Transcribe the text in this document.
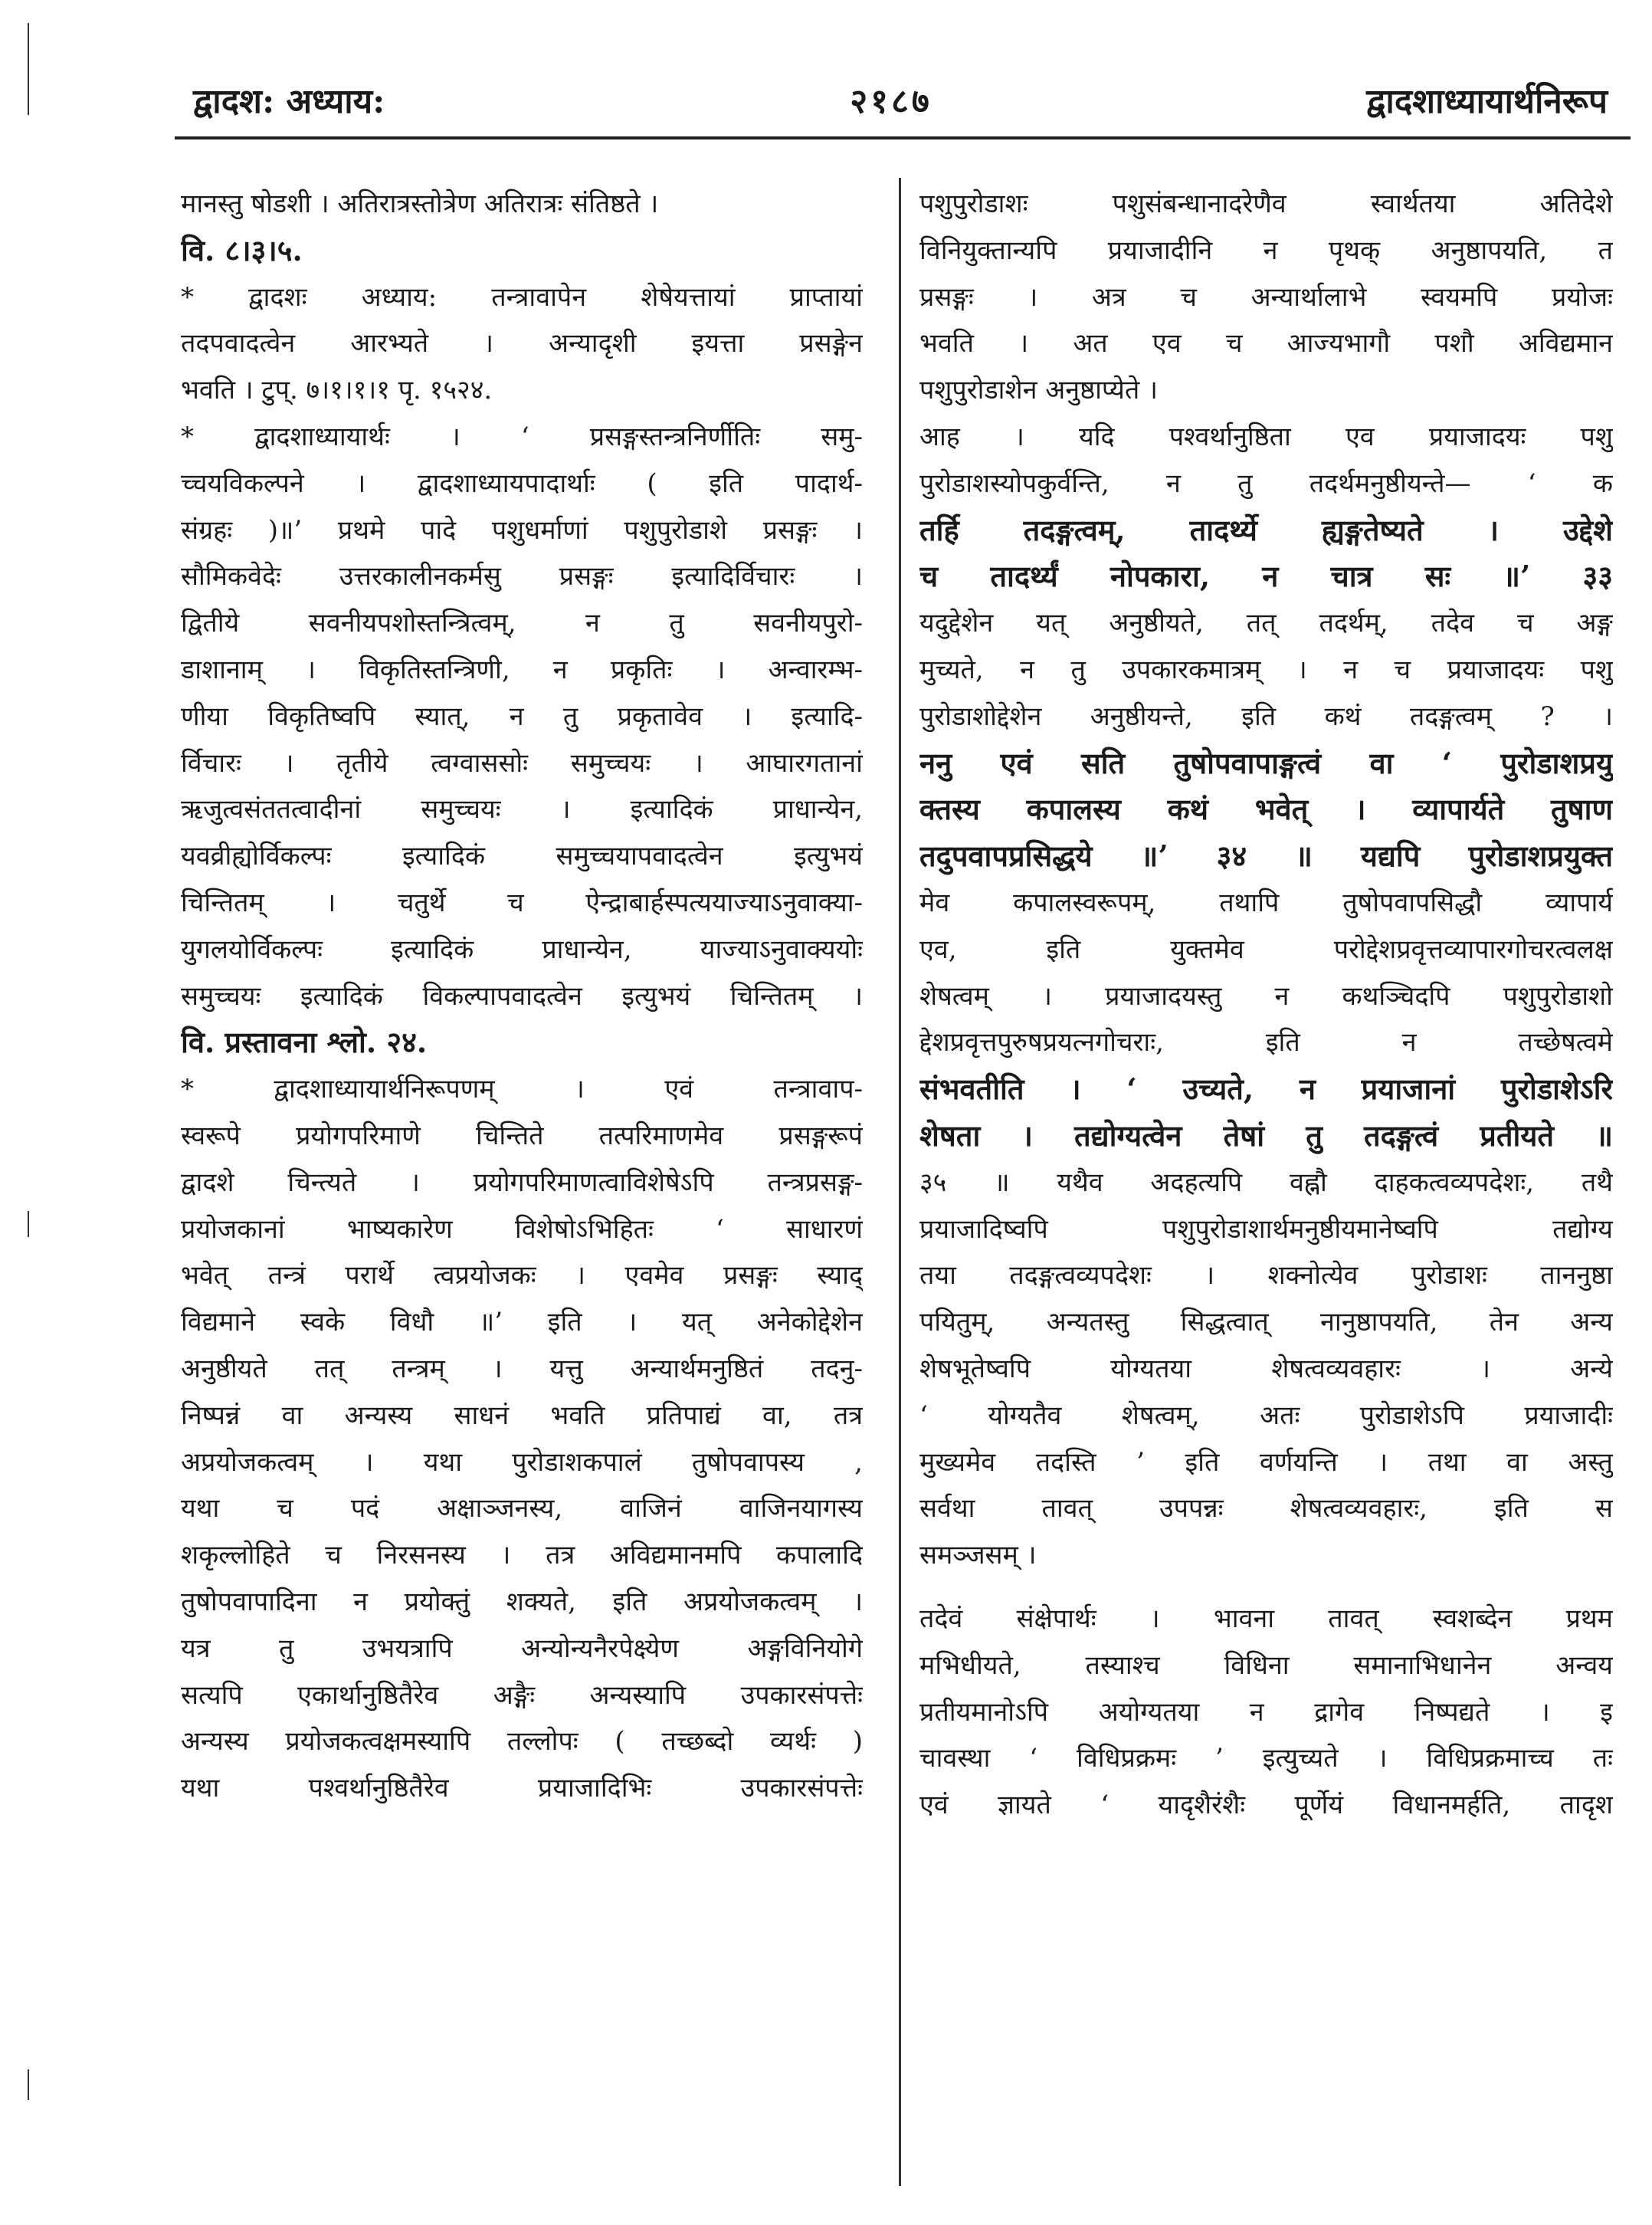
द्वादश: अध्याय:	२१८७	द्वादशाध्यायार्थनिरूप
मानस्तु षोडशी । अतिरात्रस्तोत्रेण अतिरात्रः संतिष्ठते ।
वि. ८।३।५.
* द्वादशः अध्याय: तन्त्रावापेन शेषेयत्तायां प्राप्तायां
तदपवादत्वेन आरभ्यते । अन्यादृशी इयत्ता प्रसङ्गेन
भवति । टुप्. ७।१।१।१ पृ. १५२४.
* द्वादशाध्यायार्थः । ‘ प्रसङ्गस्तन्त्रनिर्णीतिः समु-
च्चयविकल्पने । द्वादशाध्यायपादार्थाः ( इति पादार्थ-
संग्रहः )॥’ प्रथमे पादे पशुधर्माणां पशुपुरोडाशे प्रसङ्गः ।
सौमिकवेदेः उत्तरकालीनकर्मसु प्रसङ्गः इत्यादिर्विचारः ।
द्वितीये सवनीयपशोस्तन्त्रित्वम्, न तु सवनीयपुरो-
डाशानाम् । विकृतिस्तन्त्रिणी, न प्रकृतिः । अन्वारम्भ-
णीया विकृतिष्वपि स्यात्, न तु प्रकृतावेव । इत्यादि-
र्विचारः । तृतीये त्वग्वाससोः समुच्चयः । आघारगतानां
ऋजुत्वसंततत्वादीनां समुच्चयः । इत्यादिकं प्राधान्येन,
यवव्रीह्योर्विकल्पः इत्यादिकं समुच्चयापवादत्वेन इत्युभयं
चिन्तितम् । चतुर्थे च ऐन्द्राबार्हस्पत्ययाज्याऽनुवाक्या-
युगलयोर्विकल्पः इत्यादिकं प्राधान्येन, याज्याऽनुवाक्ययोः
समुच्चयः इत्यादिकं विकल्पापवादत्वेन इत्युभयं चिन्तितम् ।
वि. प्रस्तावना श्लो. २४.
* द्वादशाध्यायार्थनिरूपणम् । एवं तन्त्रावाप-
स्वरूपे प्रयोगपरिमाणे चिन्तिते तत्परिमाणमेव प्रसङ्गरूपं
द्वादशे चिन्त्यते । प्रयोगपरिमाणत्वाविशेषेऽपि तन्त्रप्रसङ्ग-
प्रयोजकानां भाष्यकारेण विशेषोऽभिहितः ‘ साधारणं
भवेत् तन्त्रं परार्थे त्वप्रयोजकः । एवमेव प्रसङ्गः स्याद्
विद्यमाने स्वके विधौ ॥’ इति । यत् अनेकोद्देशेन
अनुष्ठीयते तत् तन्त्रम् । यत्तु अन्यार्थमनुष्ठितं तदनु-
निष्पन्नं वा अन्यस्य साधनं भवति प्रतिपाद्यं वा, तत्र
अप्रयोजकत्वम् । यथा पुरोडाशकपालं तुषोपवापस्य ,
यथा च पदं अक्षाञ्जनस्य, वाजिनं वाजिनयागस्य
शकृल्लोहिते च निरसनस्य । तत्र अविद्यमानमपि कपालादि
तुषोपवापादिना न प्रयोक्तुं शक्यते, इति अप्रयोजकत्वम् ।
यत्र तु उभयत्रापि अन्योन्यनैरपेक्ष्येण अङ्गविनियोगे
सत्यपि एकार्थानुष्ठितैरेव अङ्गैः अन्यस्यापि उपकारसंपत्तेः
अन्यस्य प्रयोजकत्वक्षमस्यापि तल्लोपः ( तच्छब्दो व्यर्थः )
यथा पश्वर्थानुष्ठितैरेव प्रयाजादिभिः उपकारसंपत्तेः
पशुपुरोडाशः पशुसंबन्धानादरेणैव स्वार्थतया अतिदेशे
विनियुक्तान्यपि प्रयाजादीनि न पृथक् अनुष्ठापयति, त
प्रसङ्गः । अत्र च अन्यार्थालाभे स्वयमपि प्रयोजः
भवति । अत एव च आज्यभागौ पशौ अविद्यमान
पशुपुरोडाशेन अनुष्ठाप्येते ।
आह । यदि पश्वर्थानुष्ठिता एव प्रयाजादयः पशु
पुरोडाशस्योपकुर्वन्ति, न तु तदर्थमनुष्ठीयन्ते— ‘ क
तर्हि तदङ्गत्वम्, तादर्थ्ये ह्यङ्गतेष्यते । उद्देशे
च तादर्थ्यं नोपकारा, न चात्र सः ॥’ ३३
यदुद्देशेन यत् अनुष्ठीयते, तत् तदर्थम्, तदेव च अङ्ग
मुच्यते, न तु उपकारकमात्रम् । न च प्रयाजादयः पशु
पुरोडाशोद्देशेन अनुष्ठीयन्ते, इति कथं तदङ्गत्वम् ? ।
ननु एवं सति तुषोपवापाङ्गत्वं वा ‘ पुरोडाशप्रयु
क्तस्य कपालस्य कथं भवेत् । व्यापार्यते तुषाण
तदुपवापप्रसिद्धये ॥’ ३४ ॥ यद्यपि पुरोडाशप्रयुक्त
मेव कपालस्वरूपम्, तथापि तुषोपवापसिद्धौ व्यापार्य
एव, इति युक्तमेव परोद्देशप्रवृत्तव्यापारगोचरत्वलक्ष
शेषत्वम् । प्रयाजादयस्तु न कथञ्चिदपि पशुपुरोडाशो
द्देशप्रवृत्तपुरुषप्रयत्नगोचराः, इति न तच्छेषत्वमे
संभवतीति । ‘ उच्यते, न प्रयाजानां पुरोडाशेऽरि
शेषता । तद्योग्यत्वेन तेषां तु तदङ्गत्वं प्रतीयते ॥
३५ ॥ यथैव अदहत्यपि वह्नौ दाहकत्वव्यपदेशः, तथै
प्रयाजादिष्वपि पशुपुरोडाशार्थमनुष्ठीयमानेष्वपि तद्योग्य
तया तदङ्गत्वव्यपदेशः । शक्नोत्येव पुरोडाशः ताननुष्ठा
पयितुम्, अन्यतस्तु सिद्धत्वात् नानुष्ठापयति, तेन अन्य
शेषभूतेष्वपि योग्यतया शेषत्वव्यवहारः । अन्ये
‘ योग्यतैव शेषत्वम्, अतः पुरोडाशेऽपि प्रयाजादीः
मुख्यमेव तदस्ति ’ इति वर्णयन्ति । तथा वा अस्तु
सर्वथा तावत् उपपन्नः शेषत्वव्यवहारः, इति स
समञ्जसम् ।
तदेवं संक्षेपार्थः । भावना तावत् स्वशब्देन प्रथम
मभिधीयते, तस्याश्च विधिना समानाभिधानेन अन्वय
प्रतीयमानोऽपि अयोग्यतया न द्रागेव निष्पद्यते । इ
चावस्था ‘ विधिप्रक्रमः ’ इत्युच्यते । विधिप्रक्रमाच्च तः
एवं ज्ञायते ‘ यादृशैरंशैः पूर्णेयं विधानमर्हति, तादृश
